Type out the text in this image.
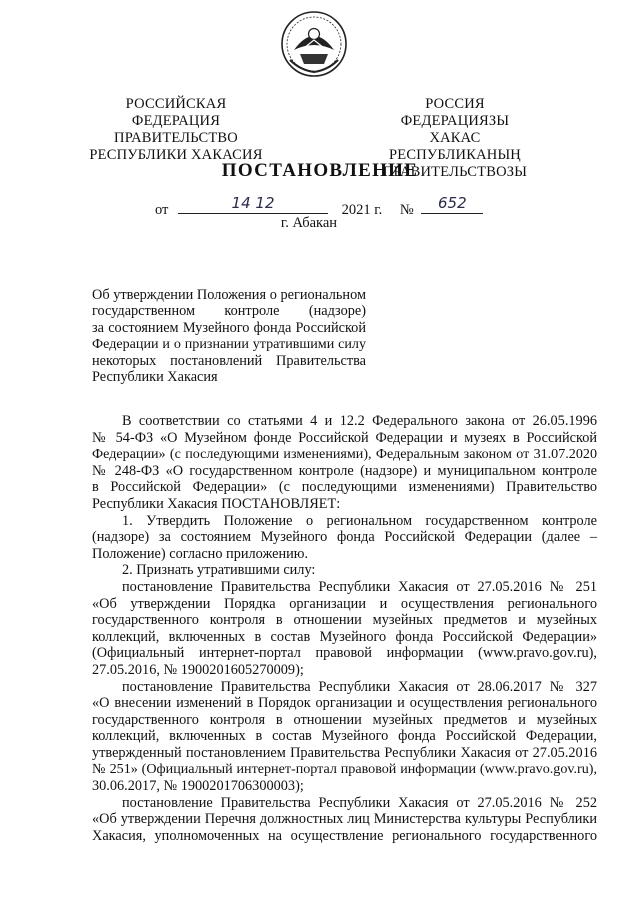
РОССИЙСКАЯ ФЕДЕРАЦИЯ
ПРАВИТЕЛЬСТВО
РЕСПУБЛИКИ ХАКАСИЯ
РОССИЯ ФЕДЕРАЦИЯЗЫ
ХАКАС РЕСПУБЛИКАНЫҢ
ПРАВИТЕЛЬСТВОЗЫ
ПОСТАНОВЛЕНИЕ
от	14 12	2021 г. №	652
г. Абакан
Об утверждении Положения о региональном
государственном контроле (надзоре)
за состоянием Музейного фонда Российской
Федерации и о признании утратившими силу
некоторых постановлений Правительства
Республики Хакасия
В соответствии со статьями 4 и 12.2 Федерального закона от 26.05.1996
№ 54-ФЗ «О Музейном фонде Российской Федерации и музеях в Российской
Федерации» (с последующими изменениями), Федеральным законом от 31.07.2020
№ 248-ФЗ «О государственном контроле (надзоре) и муниципальном контроле
в Российской Федерации» (с последующими изменениями) Правительство
Республики Хакасия ПОСТАНОВЛЯЕТ:
1. Утвердить Положение о региональном государственном контроле
(надзоре) за состоянием Музейного фонда Российской Федерации (далее –
Положение) согласно приложению.
2. Признать утратившими силу:
постановление Правительства Республики Хакасия от 27.05.2016 № 251
«Об утверждении Порядка организации и осуществления регионального
государственного контроля в отношении музейных предметов и музейных
коллекций, включенных в состав Музейного фонда Российской Федерации»
(Официальный интернет-портал правовой информации (www.pravo.gov.ru),
27.05.2016, № 1900201605270009);
постановление Правительства Республики Хакасия от 28.06.2017 № 327
«О внесении изменений в Порядок организации и осуществления регионального
государственного контроля в отношении музейных предметов и музейных
коллекций, включенных в состав Музейного фонда Российской Федерации,
утвержденный постановлением Правительства Республики Хакасия от 27.05.2016
№ 251» (Официальный интернет-портал правовой информации (www.pravo.gov.ru),
30.06.2017, № 1900201706300003);
постановление Правительства Республики Хакасия от 27.05.2016 № 252
«Об утверждении Перечня должностных лиц Министерства культуры Республики
Хакасия, уполномоченных на осуществление регионального государственного
